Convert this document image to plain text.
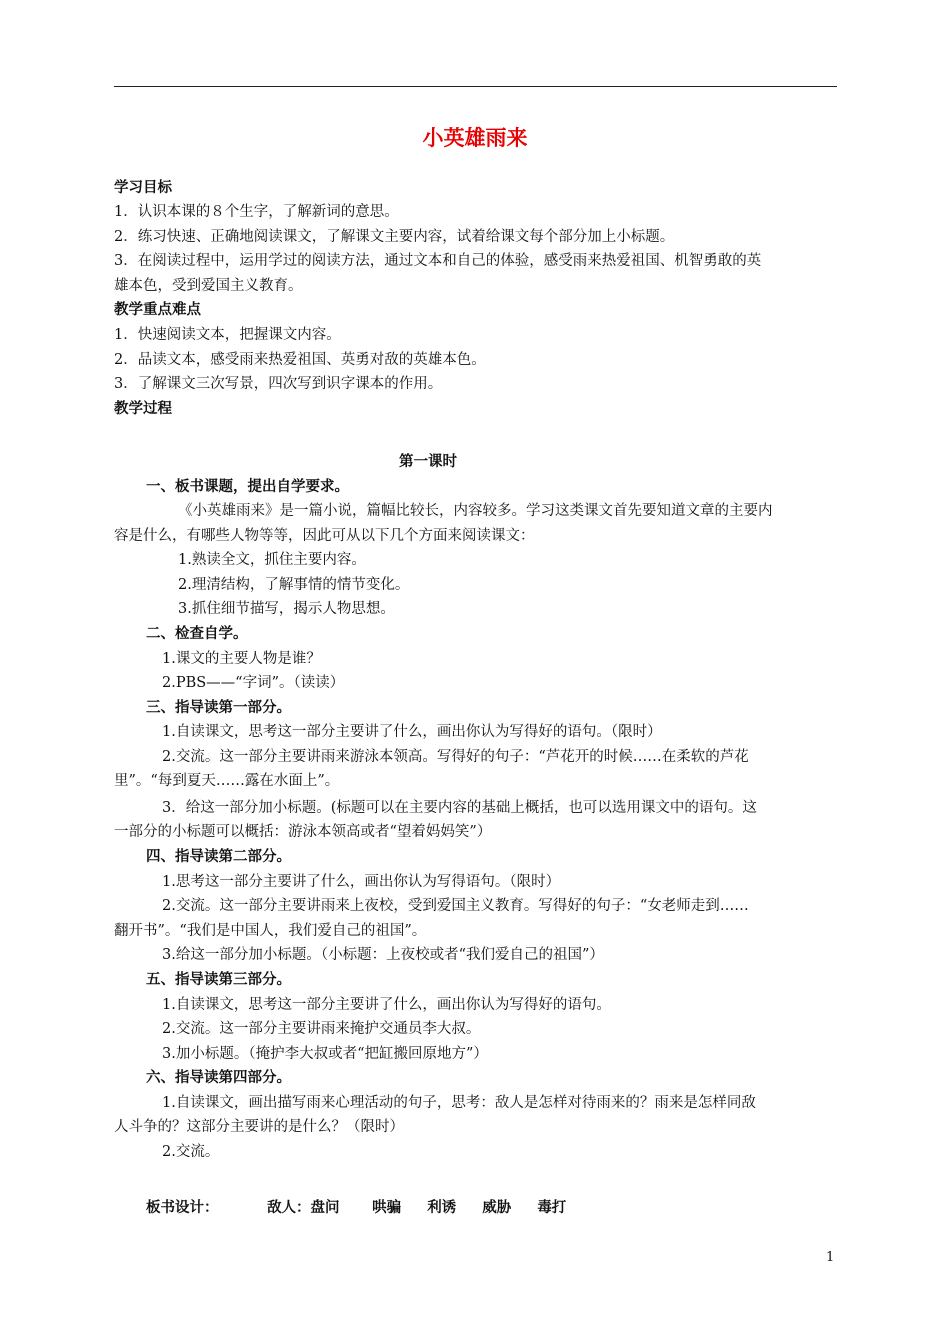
小英雄雨来
学习目标
1．认识本课的８个生字，了解新词的意思。
2．练习快速、正确地阅读课文，了解课文主要内容，试着给课文每个部分加上小标题。
3．在阅读过程中，运用学过的阅读方法，通过文本和自己的体验，感受雨来热爱祖国、机智勇敢的英
雄本色，受到爱国主义教育。
教学重点难点
1．快速阅读文本，把握课文内容。
2．品读文本，感受雨来热爱祖国、英勇对敌的英雄本色。
3．了解课文三次写景，四次写到识字课本的作用。
教学过程
第一课时
一、板书课题，提出自学要求。
《小英雄雨来》是一篇小说，篇幅比较长，内容较多。学习这类课文首先要知道文章的主要内
容是什么，有哪些人物等等，因此可从以下几个方面来阅读课文：
1.熟读全文，抓住主要内容。
2.理清结构，了解事情的情节变化。
3.抓住细节描写，揭示人物思想。
二、检查自学。
1.课文的主要人物是谁？
2.PBS——“字词”。（读读）
三、指导读第一部分。
1.自读课文，思考这一部分主要讲了什么，画出你认为写得好的语句。（限时）
2.交流。这一部分主要讲雨来游泳本领高。写得好的句子：“芦花开的时候……在柔软的芦花
里”。“每到夏天……露在水面上”。
3．给这一部分加小标题。(标题可以在主要内容的基础上概括，也可以选用课文中的语句。这
一部分的小标题可以概括：游泳本领高或者“望着妈妈笑”）
四、指导读第二部分。
1.思考这一部分主要讲了什么，画出你认为写得语句。（限时）
2.交流。这一部分主要讲雨来上夜校，受到爱国主义教育。写得好的句子：“女老师走到……
翻开书”。“我们是中国人，我们爱自己的祖国”。
3.给这一部分加小标题。（小标题：上夜校或者“我们爱自己的祖国”）
五、指导读第三部分。
1.自读课文，思考这一部分主要讲了什么，画出你认为写得好的语句。
2.交流。这一部分主要讲雨来掩护交通员李大叔。
3.加小标题。（掩护李大叔或者“把缸搬回原地方”）
六、指导读第四部分。
1.自读课文，画出描写雨来心理活动的句子，思考：敌人是怎样对待雨来的？雨来是怎样同敌
人斗争的？这部分主要讲的是什么？（限时）
2.交流。
板书设计：	敌人：盘问 哄骗 利诱 威胁 毒打
1
